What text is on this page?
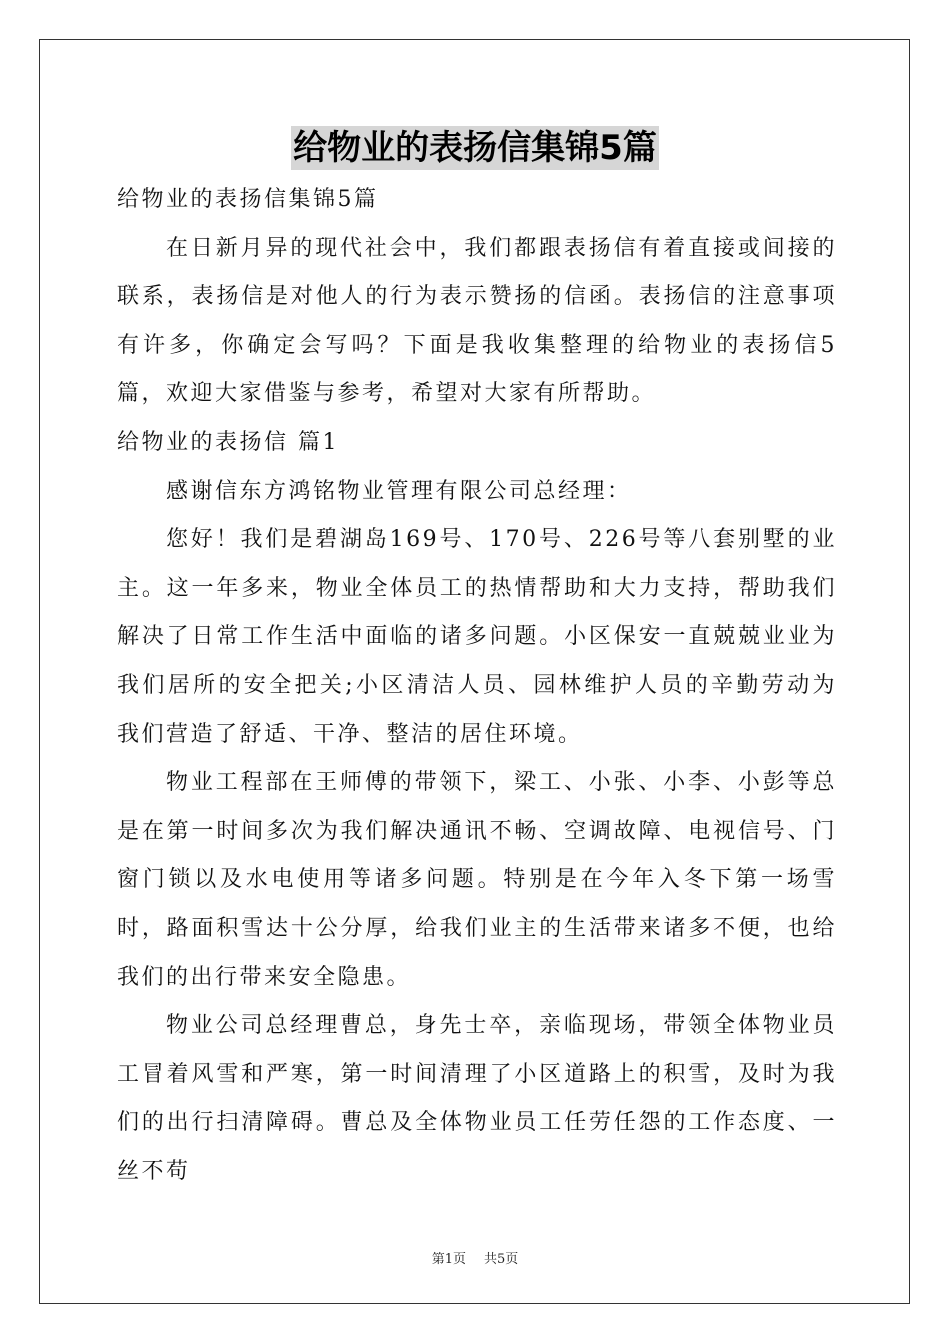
给物业的表扬信集锦5篇

给物业的表扬信集锦5篇

在日新月异的现代社会中，我们都跟表扬信有着直接或间接的联系，表扬信是对他人的行为表示赞扬的信函。表扬信的注意事项有许多，你确定会写吗？下面是我收集整理的给物业的表扬信5篇，欢迎大家借鉴与参考，希望对大家有所帮助。

给物业的表扬信 篇1

感谢信东方鸿铭物业管理有限公司总经理：

您好！我们是碧湖岛169号、170号、226号等八套别墅的业主。这一年多来，物业全体员工的热情帮助和大力支持，帮助我们解决了日常工作生活中面临的诸多问题。小区保安一直兢兢业业为我们居所的安全把关;小区清洁人员、园林维护人员的辛勤劳动为我们营造了舒适、干净、整洁的居住环境。

物业工程部在王师傅的带领下，梁工、小张、小李、小彭等总是在第一时间多次为我们解决通讯不畅、空调故障、电视信号、门窗门锁以及水电使用等诸多问题。特别是在今年入冬下第一场雪时，路面积雪达十公分厚，给我们业主的生活带来诸多不便，也给我们的出行带来安全隐患。

物业公司总经理曹总，身先士卒，亲临现场，带领全体物业员工冒着风雪和严寒，第一时间清理了小区道路上的积雪，及时为我们的出行扫清障碍。曹总及全体物业员工任劳任怨的工作态度、一丝不苟

第1页 共5页
